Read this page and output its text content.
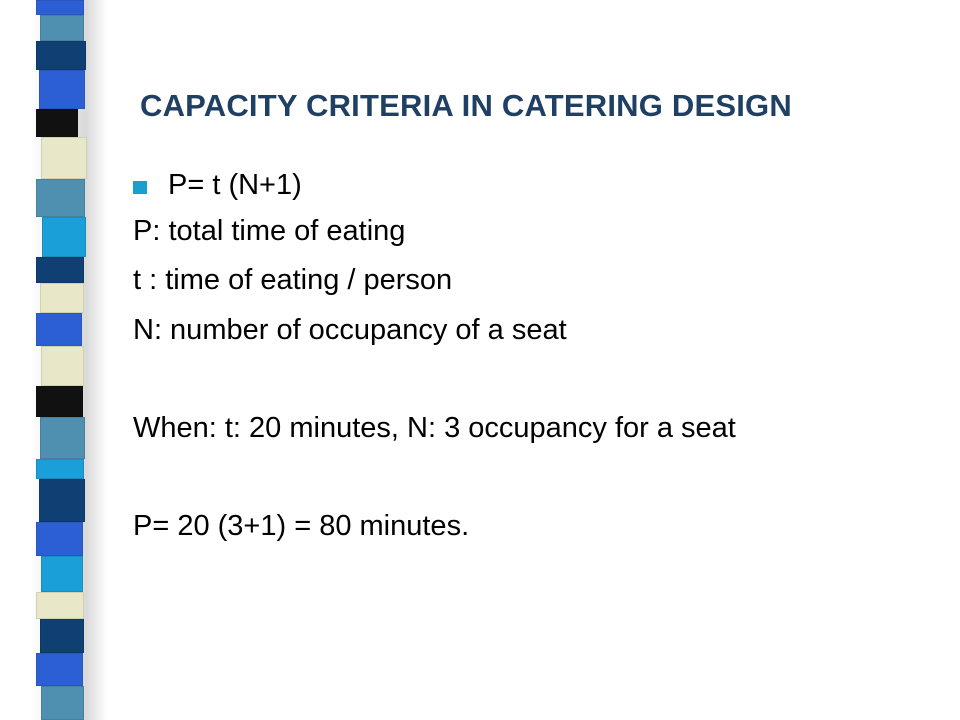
CAPACITY CRITERIA IN CATERING DESIGN
P= t (N+1)
P: total time of eating
t : time of eating / person
N: number of occupancy of a seat
When: t: 20 minutes, N: 3 occupancy for a seat
P= 20 (3+1) = 80 minutes.
